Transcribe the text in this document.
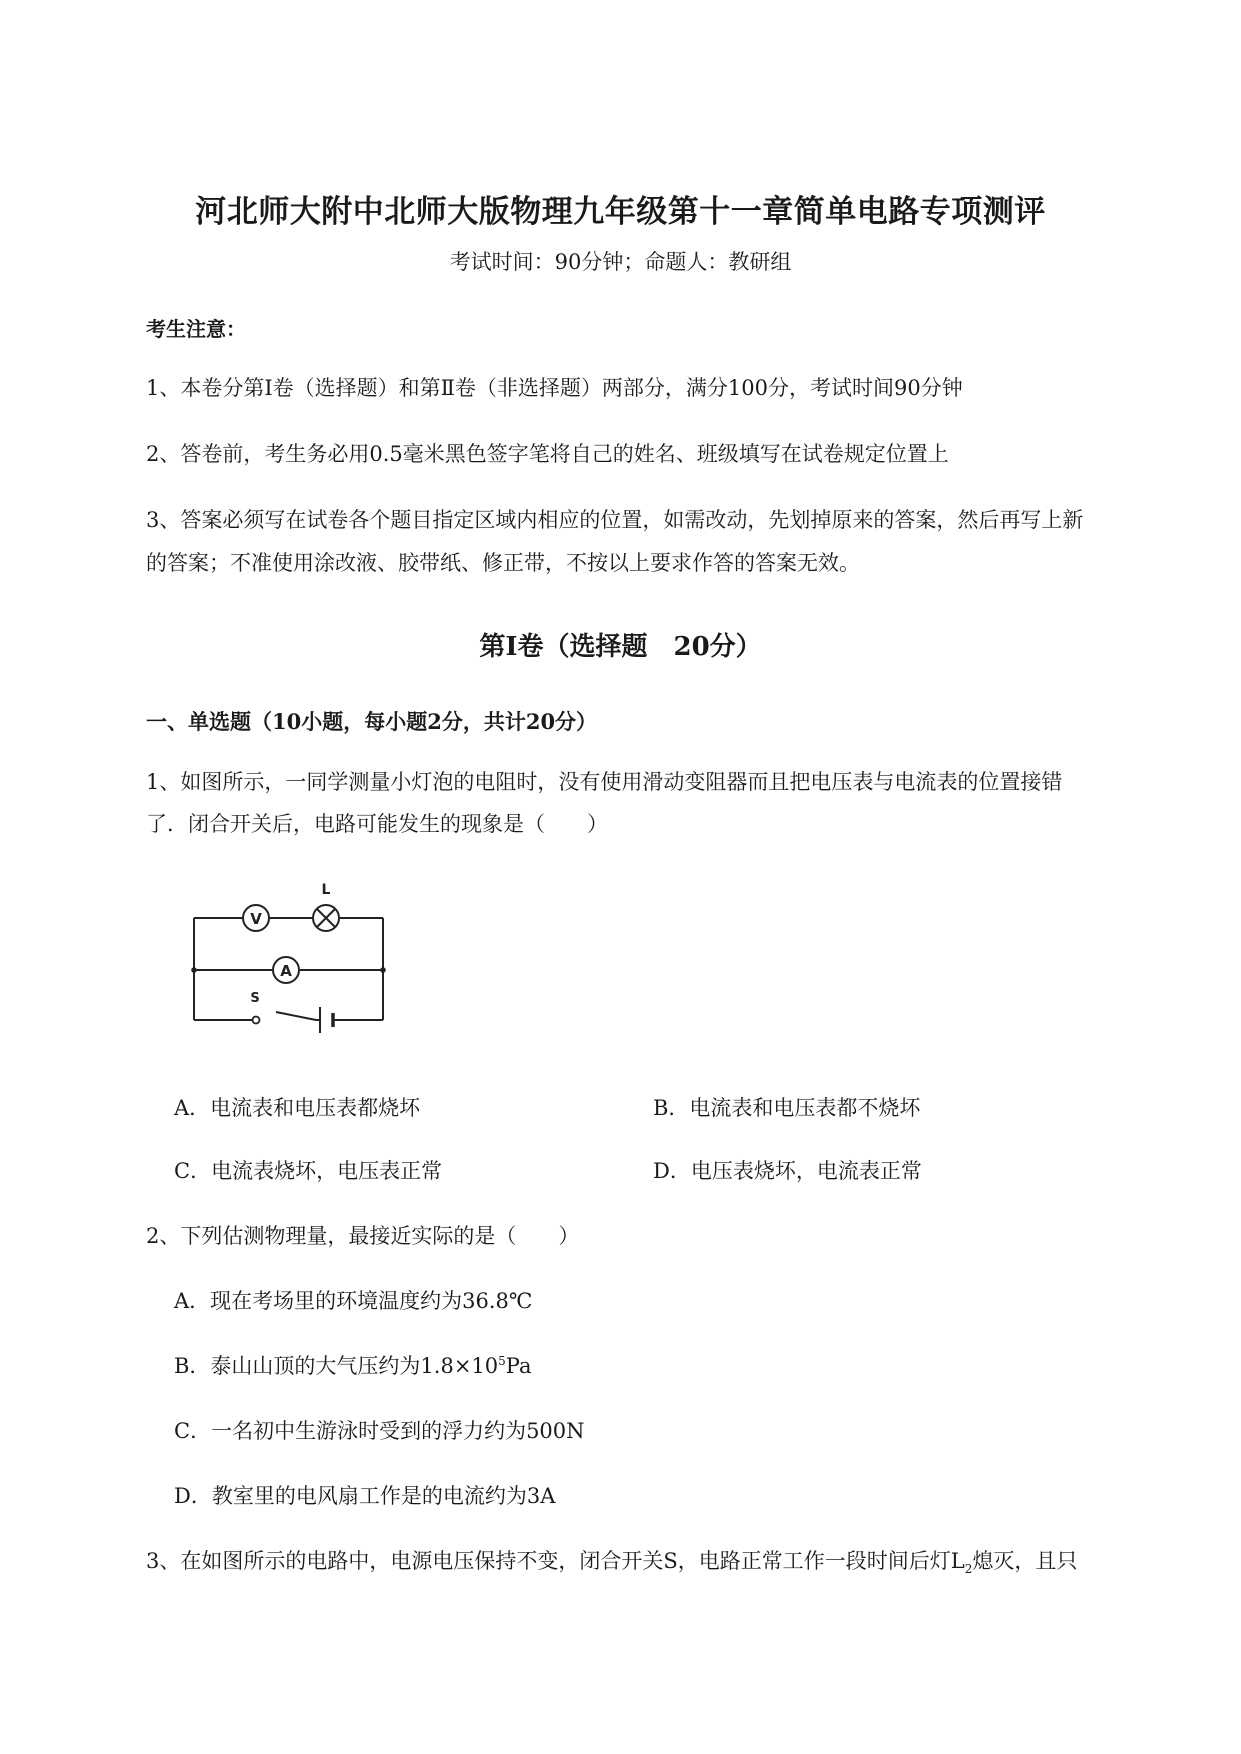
河北师大附中北师大版物理九年级第十一章简单电路专项测评
考试时间：90分钟；命题人：教研组
考生注意：
1、本卷分第Ⅰ卷（选择题）和第Ⅱ卷（非选择题）两部分，满分100分，考试时间90分钟
2、答卷前，考生务必用0.5毫米黑色签字笔将自己的姓名、班级填写在试卷规定位置上
3、答案必须写在试卷各个题目指定区域内相应的位置，如需改动，先划掉原来的答案，然后再写上新
的答案；不准使用涂改液、胶带纸、修正带，不按以上要求作答的答案无效。
第Ⅰ卷（选择题　20分）
一、单选题（10小题，每小题2分，共计20分）
1、如图所示，一同学测量小灯泡的电阻时，没有使用滑动变阻器而且把电压表与电流表的位置接错
了．闭合开关后，电路可能发生的现象是（　　）
V
L
A
S
A．电流表和电压表都烧坏	B．电流表和电压表都不烧坏
C．电流表烧坏，电压表正常	D．电压表烧坏，电流表正常
2、下列估测物理量，最接近实际的是（　　）
A．现在考场里的环境温度约为36.8℃
B．泰山山顶的大气压约为$1.8\times 10^5Pa$
C．一名初中生游泳时受到的浮力约为500N
D．教室里的电风扇工作是的电流约为3A
3、在如图所示的电路中，电源电压保持不变，闭合开关S，电路正常工作一段时间后灯$L_2$熄灭，且只
